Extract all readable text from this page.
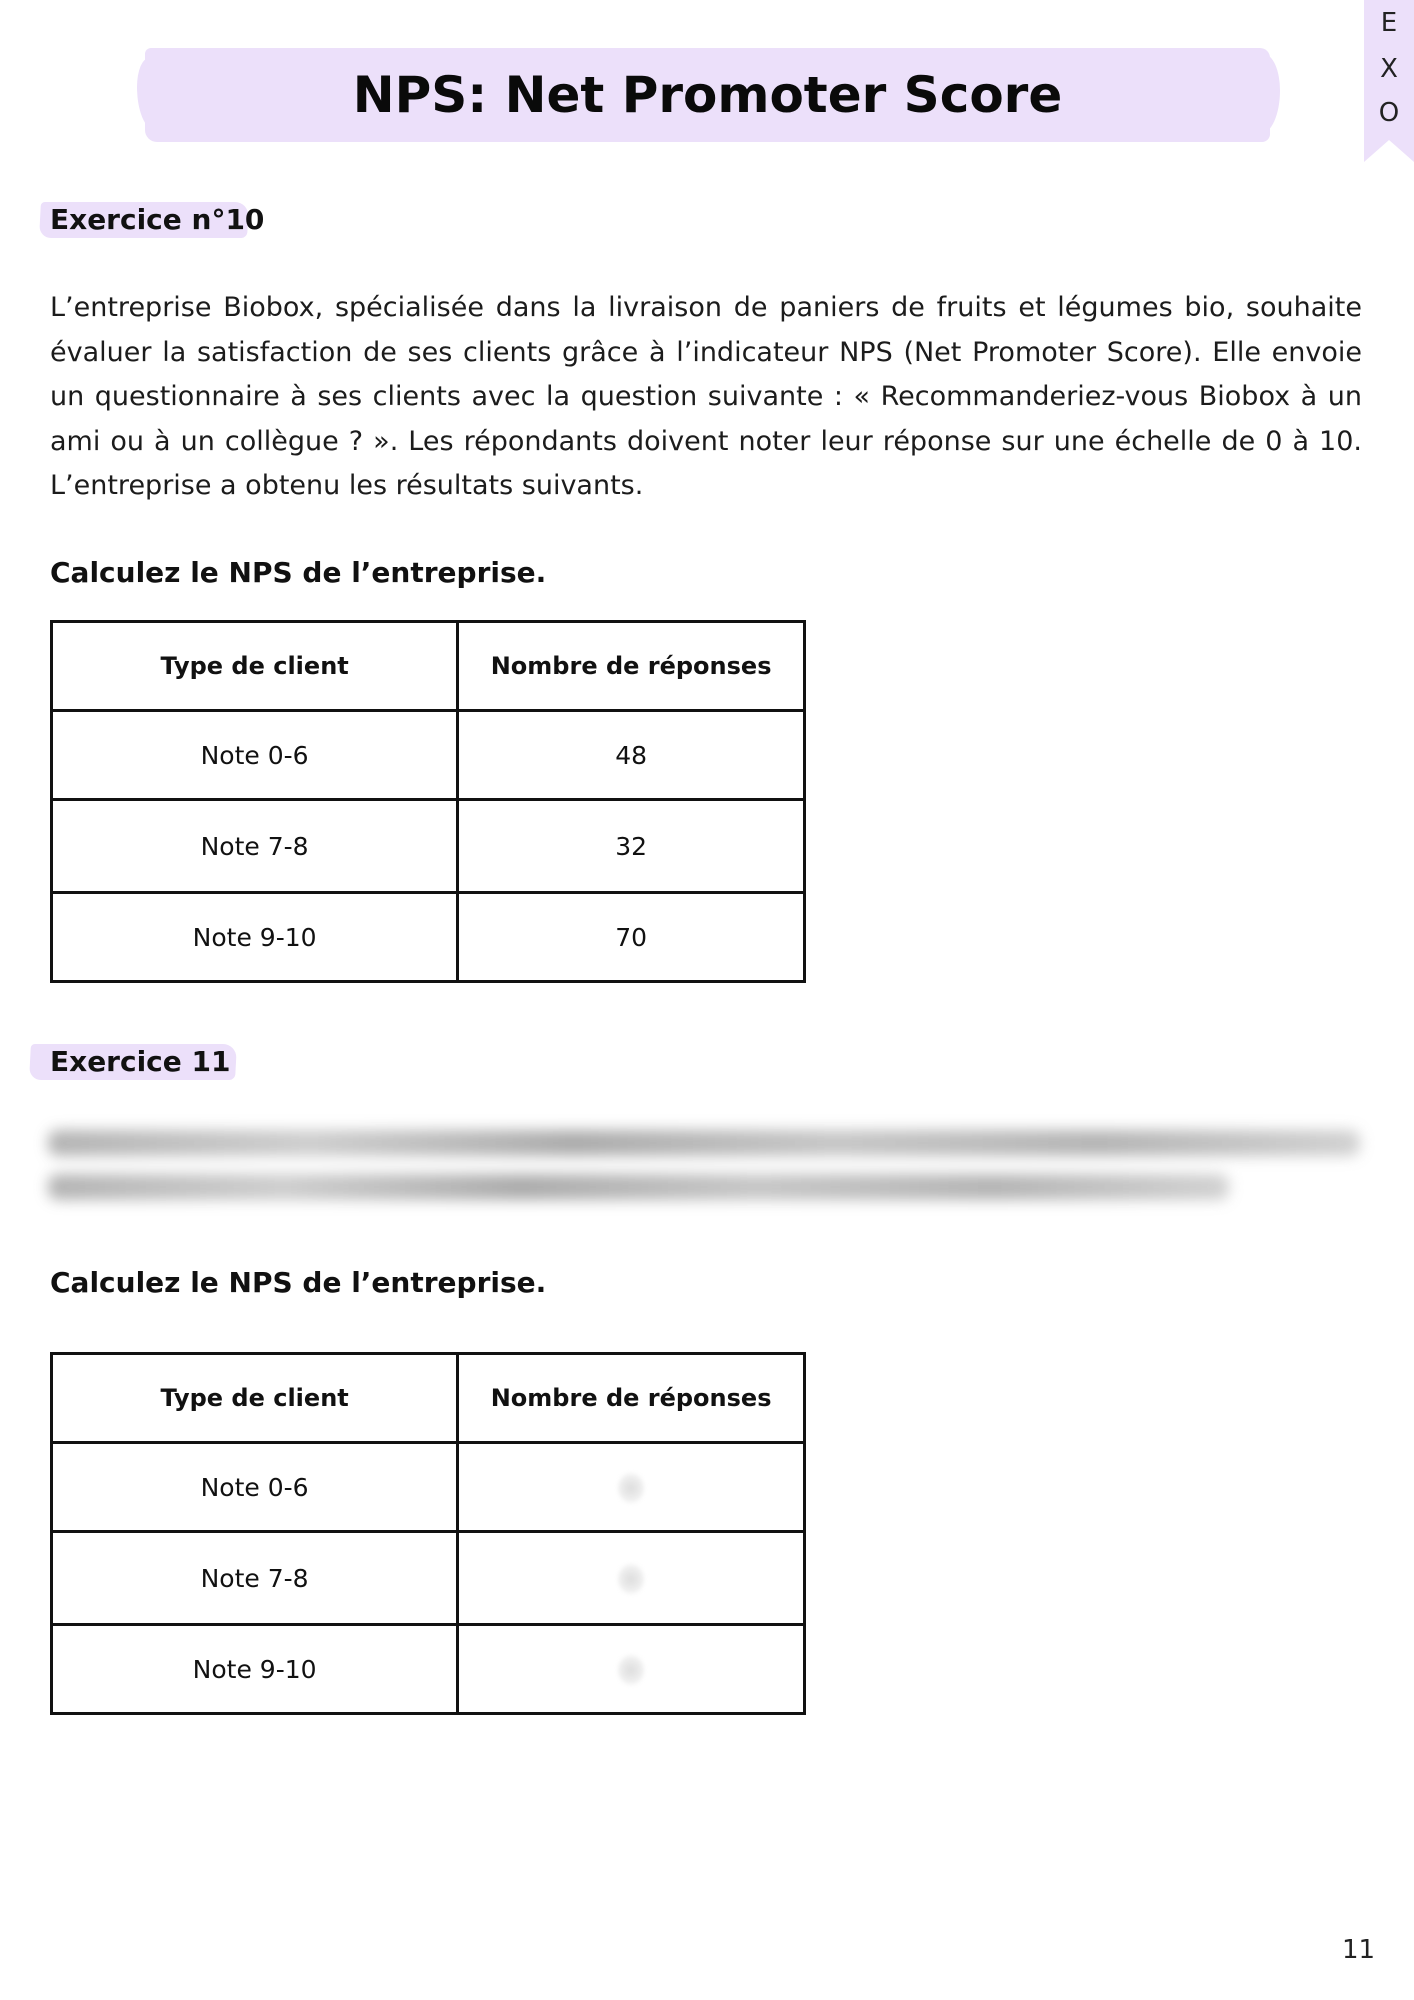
NPS: Net Promoter Score
E
X
O
Exercice n°10

L’entreprise Biobox, spécialisée dans la livraison de paniers de fruits et légumes bio, souhaite évaluer la satisfaction de ses clients grâce à l’indicateur NPS (Net Promoter Score). Elle envoie un questionnaire à ses clients avec la question suivante : « Recommanderiez-vous Biobox à un ami ou à un collègue ? ». Les répondants doivent noter leur réponse sur une échelle de 0 à 10. L’entreprise a obtenu les résultats suivants.

Calculez le NPS de l’entreprise.

Type de client	Nombre de réponses
Note 0-6	48
Note 7-8	32
Note 9-10	70
Exercice 11

Calculez le NPS de l’entreprise.

Type de client	Nombre de réponses
Note 0-6	
Note 7-8	
Note 9-10	
11
